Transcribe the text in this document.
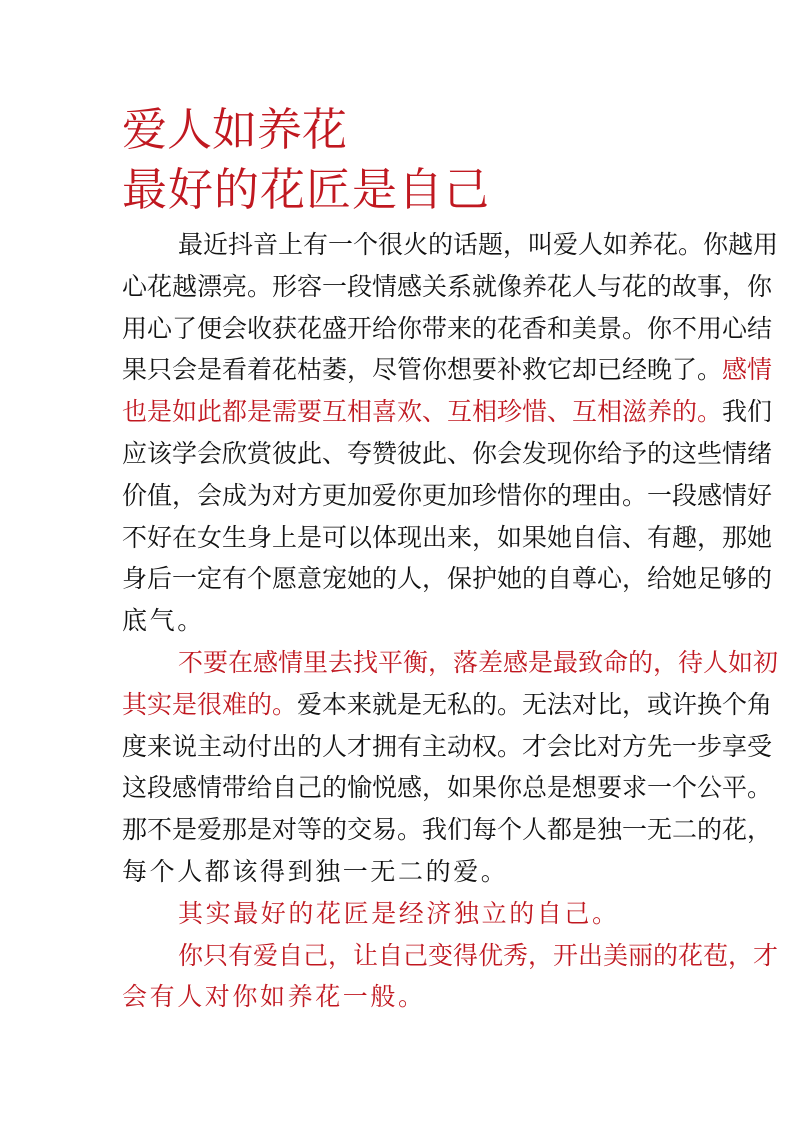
爱人如养花
最好的花匠是自己
最近抖音上有一个很火的话题，叫爱人如养花。你越用
心花越漂亮。形容一段情感关系就像养花人与花的故事，你
用心了便会收获花盛开给你带来的花香和美景。你不用心结
果只会是看着花枯萎，尽管你想要补救它却已经晚了。感情
也是如此都是需要互相喜欢、互相珍惜、互相滋养的。我们
应该学会欣赏彼此、夸赞彼此、你会发现你给予的这些情绪
价值，会成为对方更加爱你更加珍惜你的理由。一段感情好
不好在女生身上是可以体现出来，如果她自信、有趣，那她
身后一定有个愿意宠她的人，保护她的自尊心，给她足够的
底气。
不要在感情里去找平衡，落差感是最致命的，待人如初
其实是很难的。爱本来就是无私的。无法对比，或许换个角
度来说主动付出的人才拥有主动权。才会比对方先一步享受
这段感情带给自己的愉悦感，如果你总是想要求一个公平。
那不是爱那是对等的交易。我们每个人都是独一无二的花，
每个人都该得到独一无二的爱。
其实最好的花匠是经济独立的自己。
你只有爱自己，让自己变得优秀，开出美丽的花苞，才
会有人对你如养花一般。
